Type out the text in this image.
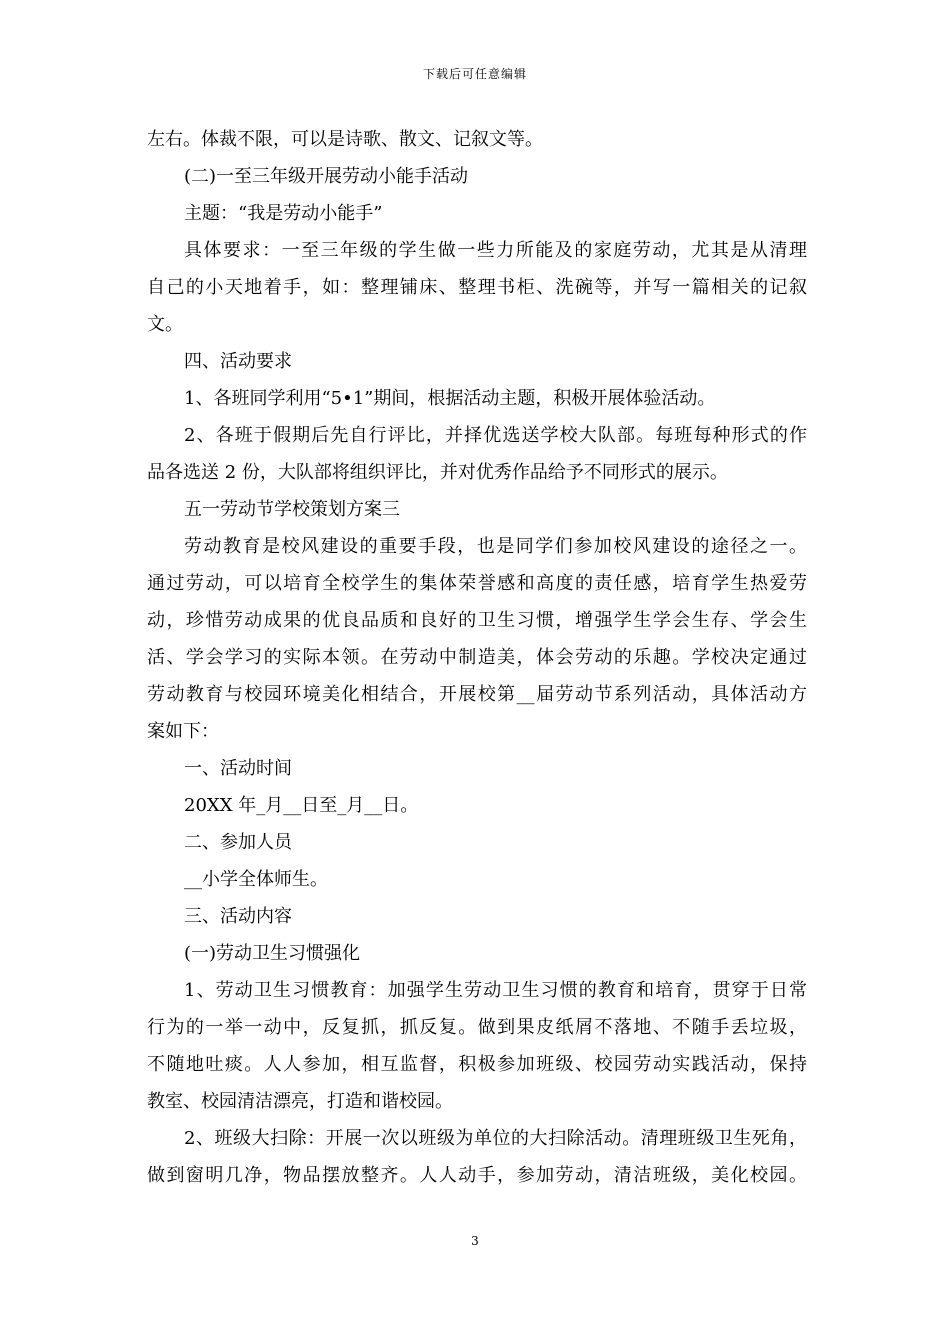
下载后可任意编辑
左右。体裁不限，可以是诗歌、散文、记叙文等。
(二)一至三年级开展劳动小能手活动
主题：“我是劳动小能手”
具体要求：一至三年级的学生做一些力所能及的家庭劳动，尤其是从清理
自己的小天地着手，如：整理铺床、整理书柜、洗碗等，并写一篇相关的记叙
文。
四、活动要求
1、各班同学利用“5•1”期间，根据活动主题，积极开展体验活动。
2、各班于假期后先自行评比，并择优选送学校大队部。每班每种形式的作
品各选送 2 份，大队部将组织评比，并对优秀作品给予不同形式的展示。
五一劳动节学校策划方案三
劳动教育是校风建设的重要手段，也是同学们参加校风建设的途径之一。
通过劳动，可以培育全校学生的集体荣誉感和高度的责任感，培育学生热爱劳
动，珍惜劳动成果的优良品质和良好的卫生习惯，增强学生学会生存、学会生
活、学会学习的实际本领。在劳动中制造美，体会劳动的乐趣。学校决定通过
劳动教育与校园环境美化相结合，开展校第__届劳动节系列活动，具体活动方
案如下：
一、活动时间
20XX 年_月__日至_月__日。
二、参加人员
__小学全体师生。
三、活动内容
(一)劳动卫生习惯强化
1、劳动卫生习惯教育：加强学生劳动卫生习惯的教育和培育，贯穿于日常
行为的一举一动中，反复抓，抓反复。做到果皮纸屑不落地、不随手丢垃圾，
不随地吐痰。人人参加，相互监督，积极参加班级、校园劳动实践活动，保持
教室、校园清洁漂亮，打造和谐校园。
2、班级大扫除：开展一次以班级为单位的大扫除活动。清理班级卫生死角，
做到窗明几净，物品摆放整齐。人人动手，参加劳动，清洁班级，美化校园。
3
